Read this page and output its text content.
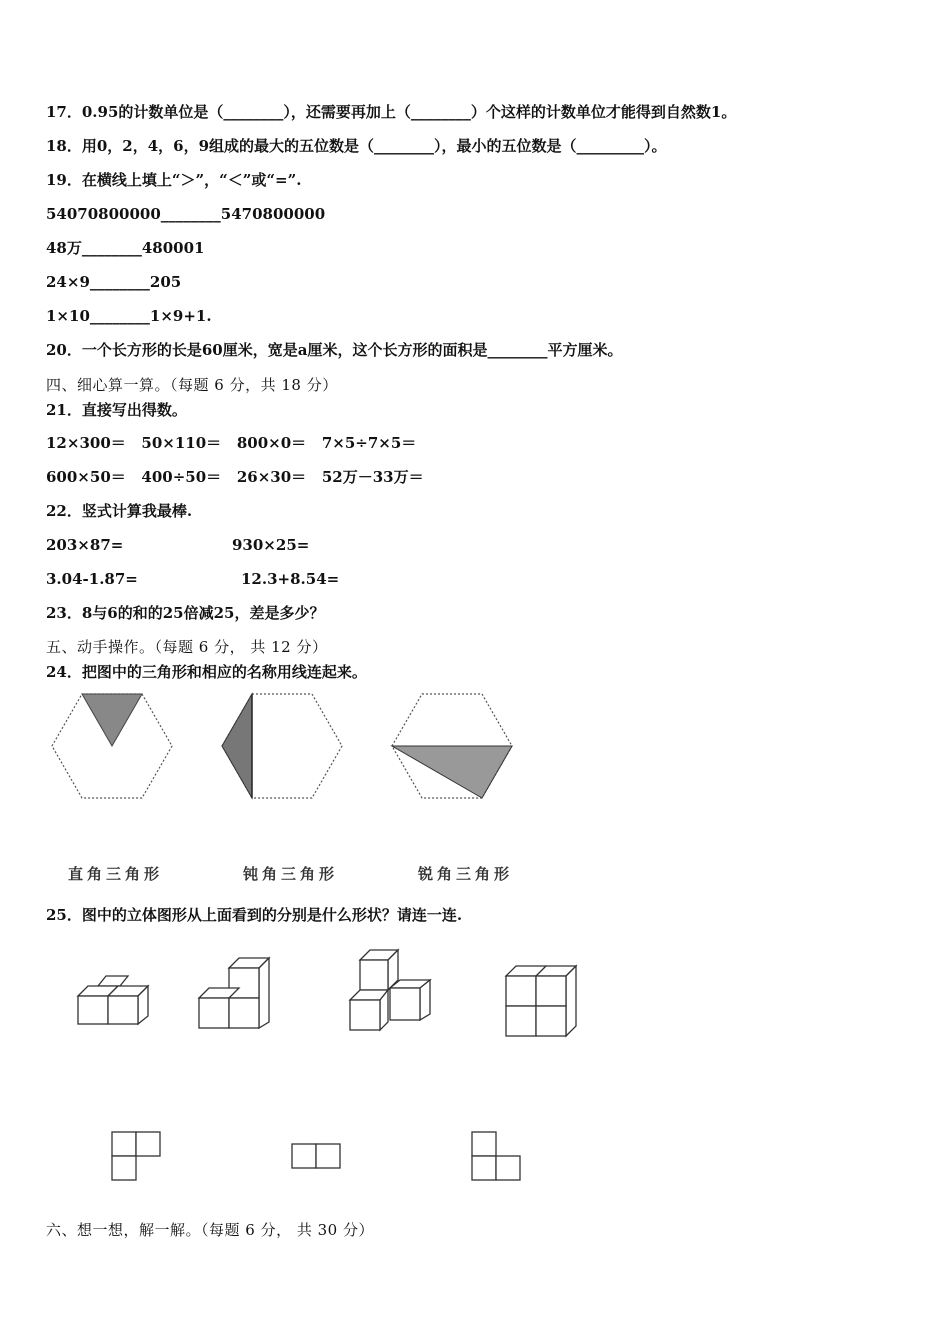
17．0.95的计数单位是（________），还需要再加上（________）个这样的计数单位才能得到自然数1。
18．用0，2，4，6，9组成的最大的五位数是（________），最小的五位数是（_________）。
19．在横线上填上“＞”，“＜”或“=”.
54070800000________5470800000
48万________480001
24×9________205
1×10________1×9+1.
20．一个长方形的长是60厘米，宽是a厘米，这个长方形的面积是________平方厘米。
四、细心算一算。（每题 6 分，共 18 分）
21．直接写出得数。
12×300＝   50×110＝   800×0＝   7×5÷7×5＝
600×50＝   400÷50＝   26×30＝   52万－33万＝
22．竖式计算我最棒.
203×87=	930×25=
3.04-1.87=	12.3+8.54=
23．8与6的和的25倍减25，差是多少？
五、动手操作。（每题 6 分， 共 12 分）
24．把图中的三角形和相应的名称用线连起来。
直角三角形	钝角三角形	锐角三角形
25．图中的立体图形从上面看到的分别是什么形状？请连一连.
六、想一想，解一解。（每题 6 分， 共 30 分）
